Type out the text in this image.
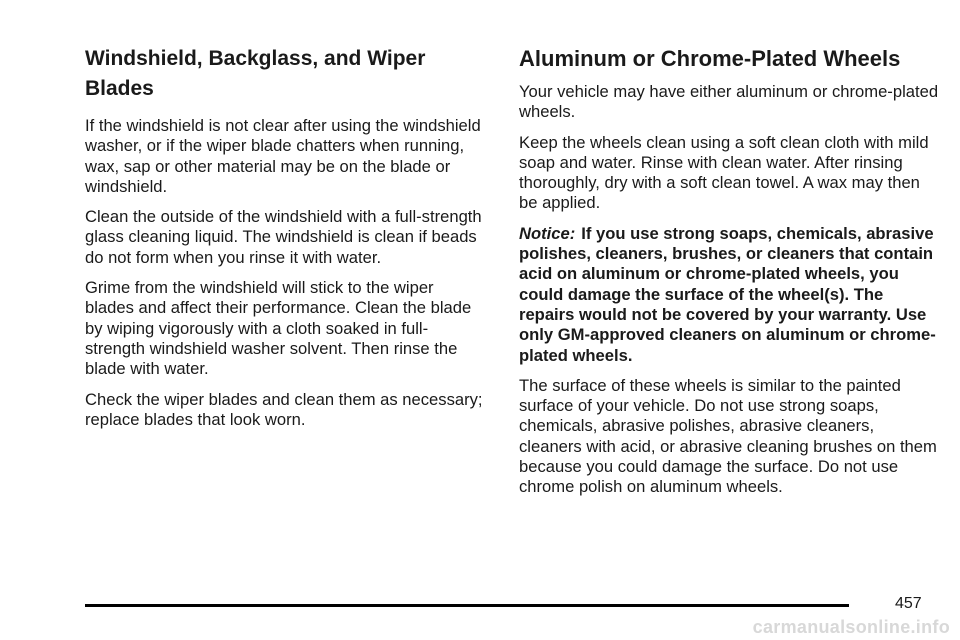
Windshield, Backglass, and Wiper Blades

If the windshield is not clear after using the windshield washer, or if the wiper blade chatters when running, wax, sap or other material may be on the blade or windshield.

Clean the outside of the windshield with a full-strength glass cleaning liquid. The windshield is clean if beads do not form when you rinse it with water.

Grime from the windshield will stick to the wiper blades and affect their performance. Clean the blade by wiping vigorously with a cloth soaked in full-strength windshield washer solvent. Then rinse the blade with water.

Check the wiper blades and clean them as necessary; replace blades that look worn.

Aluminum or Chrome-Plated Wheels

Your vehicle may have either aluminum or chrome-plated wheels.

Keep the wheels clean using a soft clean cloth with mild soap and water. Rinse with clean water. After rinsing thoroughly, dry with a soft clean towel. A wax may then be applied.

Notice: If you use strong soaps, chemicals, abrasive polishes, cleaners, brushes, or cleaners that contain acid on aluminum or chrome-plated wheels, you could damage the surface of the wheel(s). The repairs would not be covered by your warranty. Use only GM-approved cleaners on aluminum or chrome-plated wheels.

The surface of these wheels is similar to the painted surface of your vehicle. Do not use strong soaps, chemicals, abrasive polishes, abrasive cleaners, cleaners with acid, or abrasive cleaning brushes on them because you could damage the surface. Do not use chrome polish on aluminum wheels.

457
carmanualsonline.info
